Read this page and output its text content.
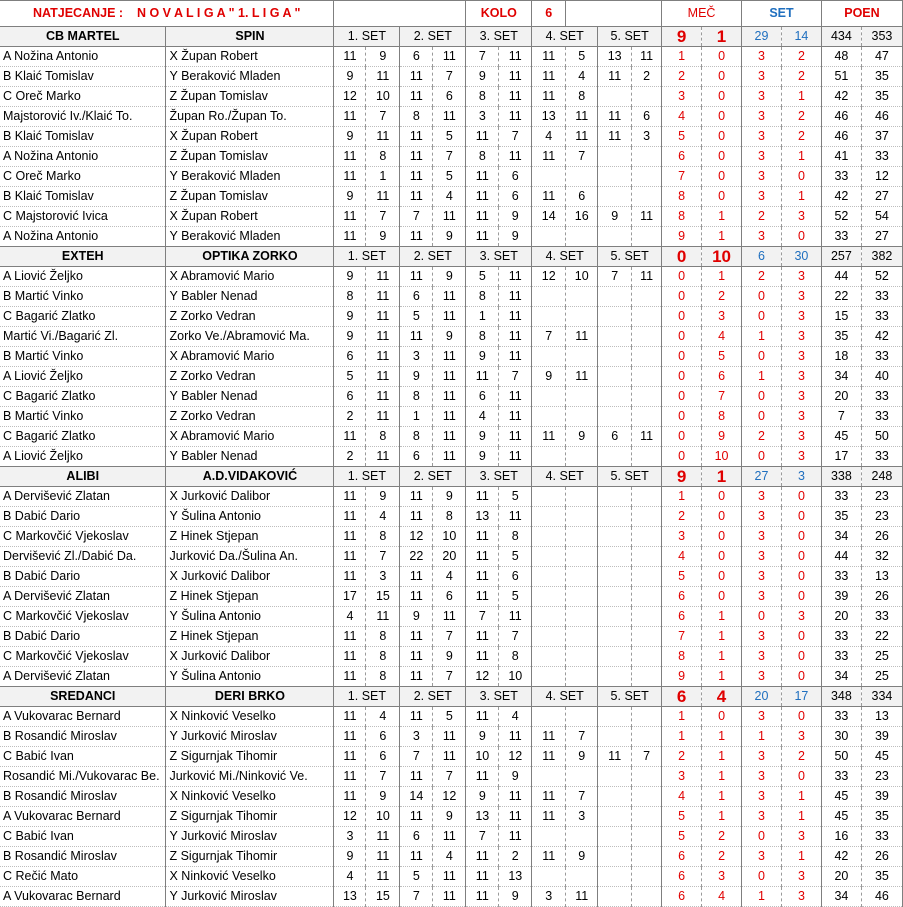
NATJECANJE : N O V A L I G A " 1. L I G A "						KOLO		6				MEČ		SET		POEN	
CB MARTEL	SPIN	1. SET		2. SET		3. SET		4. SET		5. SET		9	1	29	14	434	353
A Nožina Antonio	X Župan Robert	11	9	6	11	7	11	11	5	13	11	1	0	3	2	48	47
B Klaić Tomislav	Y Beraković Mladen	9	11	11	7	9	11	11	4	11	2	2	0	3	2	51	35
C Oreč Marko	Z Župan Tomislav	12	10	11	6	8	11	11	8			3	0	3	1	42	35
Majstorović Iv./Klaić To.	Župan Ro./Župan To.	11	7	8	11	3	11	13	11	11	6	4	0	3	2	46	46
B Klaić Tomislav	X Župan Robert	9	11	11	5	11	7	4	11	11	3	5	0	3	2	46	37
A Nožina Antonio	Z Župan Tomislav	11	8	11	7	8	11	11	7			6	0	3	1	41	33
C Oreč Marko	Y Beraković Mladen	11	1	11	5	11	6					7	0	3	0	33	12
B Klaić Tomislav	Z Župan Tomislav	9	11	11	4	11	6	11	6			8	0	3	1	42	27
C Majstorović Ivica	X Župan Robert	11	7	7	11	11	9	14	16	9	11	8	1	2	3	52	54
A Nožina Antonio	Y Beraković Mladen	11	9	11	9	11	9					9	1	3	0	33	27
EXTEH	OPTIKA ZORKO	1. SET		2. SET		3. SET		4. SET		5. SET		0	10	6	30	257	382
A Liović Željko	X Abramović Mario	9	11	11	9	5	11	12	10	7	11	0	1	2	3	44	52
B Martić Vinko	Y Babler Nenad	8	11	6	11	8	11					0	2	0	3	22	33
C Bagarić Zlatko	Z Zorko Vedran	9	11	5	11	1	11					0	3	0	3	15	33
Martić Vi./Bagarić Zl.	Zorko Ve./Abramović Ma.	9	11	11	9	8	11	7	11			0	4	1	3	35	42
B Martić Vinko	X Abramović Mario	6	11	3	11	9	11					0	5	0	3	18	33
A Liović Željko	Z Zorko Vedran	5	11	9	11	11	7	9	11			0	6	1	3	34	40
C Bagarić Zlatko	Y Babler Nenad	6	11	8	11	6	11					0	7	0	3	20	33
B Martić Vinko	Z Zorko Vedran	2	11	1	11	4	11					0	8	0	3	7	33
C Bagarić Zlatko	X Abramović Mario	11	8	8	11	9	11	11	9	6	11	0	9	2	3	45	50
A Liović Željko	Y Babler Nenad	2	11	6	11	9	11					0	10	0	3	17	33
ALIBI	A.D.VIDAKOVIĆ	1. SET		2. SET		3. SET		4. SET		5. SET		9	1	27	3	338	248
A Dervišević Zlatan	X Jurković Dalibor	11	9	11	9	11	5					1	0	3	0	33	23
B Dabić Dario	Y Šulina Antonio	11	4	11	8	13	11					2	0	3	0	35	23
C Markovčić Vjekoslav	Z Hinek Stjepan	11	8	12	10	11	8					3	0	3	0	34	26
Dervišević Zl./Dabić Da.	Jurković Da./Šulina An.	11	7	22	20	11	5					4	0	3	0	44	32
B Dabić Dario	X Jurković Dalibor	11	3	11	4	11	6					5	0	3	0	33	13
A Dervišević Zlatan	Z Hinek Stjepan	17	15	11	6	11	5					6	0	3	0	39	26
C Markovčić Vjekoslav	Y Šulina Antonio	4	11	9	11	7	11					6	1	0	3	20	33
B Dabić Dario	Z Hinek Stjepan	11	8	11	7	11	7					7	1	3	0	33	22
C Markovčić Vjekoslav	X Jurković Dalibor	11	8	11	9	11	8					8	1	3	0	33	25
A Dervišević Zlatan	Y Šulina Antonio	11	8	11	7	12	10					9	1	3	0	34	25
SREDANCI	DERI BRKO	1. SET		2. SET		3. SET		4. SET		5. SET		6	4	20	17	348	334
A Vukovarac Bernard	X Ninković Veselko	11	4	11	5	11	4					1	0	3	0	33	13
B Rosandić Miroslav	Y Jurković Miroslav	11	6	3	11	9	11	11	7			1	1	1	3	30	39
C Babić Ivan	Z Sigurnjak Tihomir	11	6	7	11	10	12	11	9	11	7	2	1	3	2	50	45
Rosandić Mi./Vukovarac Be.	Jurković Mi./Ninković Ve.	11	7	11	7	11	9					3	1	3	0	33	23
B Rosandić Miroslav	X Ninković Veselko	11	9	14	12	9	11	11	7			4	1	3	1	45	39
A Vukovarac Bernard	Z Sigurnjak Tihomir	12	10	11	9	13	11	11	3			5	1	3	1	45	35
C Babić Ivan	Y Jurković Miroslav	3	11	6	11	7	11					5	2	0	3	16	33
B Rosandić Miroslav	Z Sigurnjak Tihomir	9	11	11	4	11	2	11	9			6	2	3	1	42	26
C Rečić Mato	X Ninković Veselko	4	11	5	11	11	13					6	3	0	3	20	35
A Vukovarac Bernard	Y Jurković Miroslav	13	15	7	11	11	9	3	11			6	4	1	3	34	46
